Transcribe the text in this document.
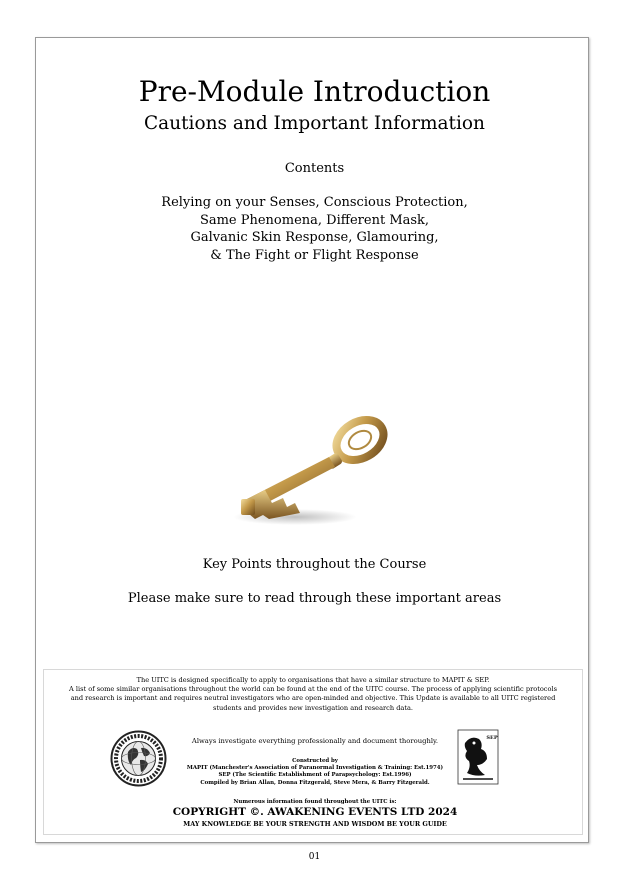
Pre-Module Introduction
Cautions and Important Information
Contents
Relying on your Senses, Conscious Protection,
Same Phenomena, Different Mask,
Galvanic Skin Response, Glamouring,
& The Fight or Flight Response
Key Points throughout the Course
Please make sure to read through these important areas
The UITC is designed specifically to apply to organisations that have a similar structure to MAPIT & SEP.
A list of some similar organisations throughout the world can be found at the end of the UITC course. The process of applying scientific protocols
and research is important and requires neutral investigators who are open-minded and objective. This Update is available to all UITC registered
students and provides new investigation and research data.
Always investigate everything professionally and document thoroughly.
Constructed by
MAPIT (Manchester's Association of Paranormal Investigation & Training: Est.1974)
SEP (The Scientific Establishment of Parapsychology: Est.1996)
Compiled by Brian Allan, Donna Fitzgerald, Steve Mera, & Barry Fitzgerald.
SEP
Numerous information found throughout the UITC is:
COPYRIGHT ©. AWAKENING EVENTS LTD 2024
MAY KNOWLEDGE BE YOUR STRENGTH AND WISDOM BE YOUR GUIDE
01
